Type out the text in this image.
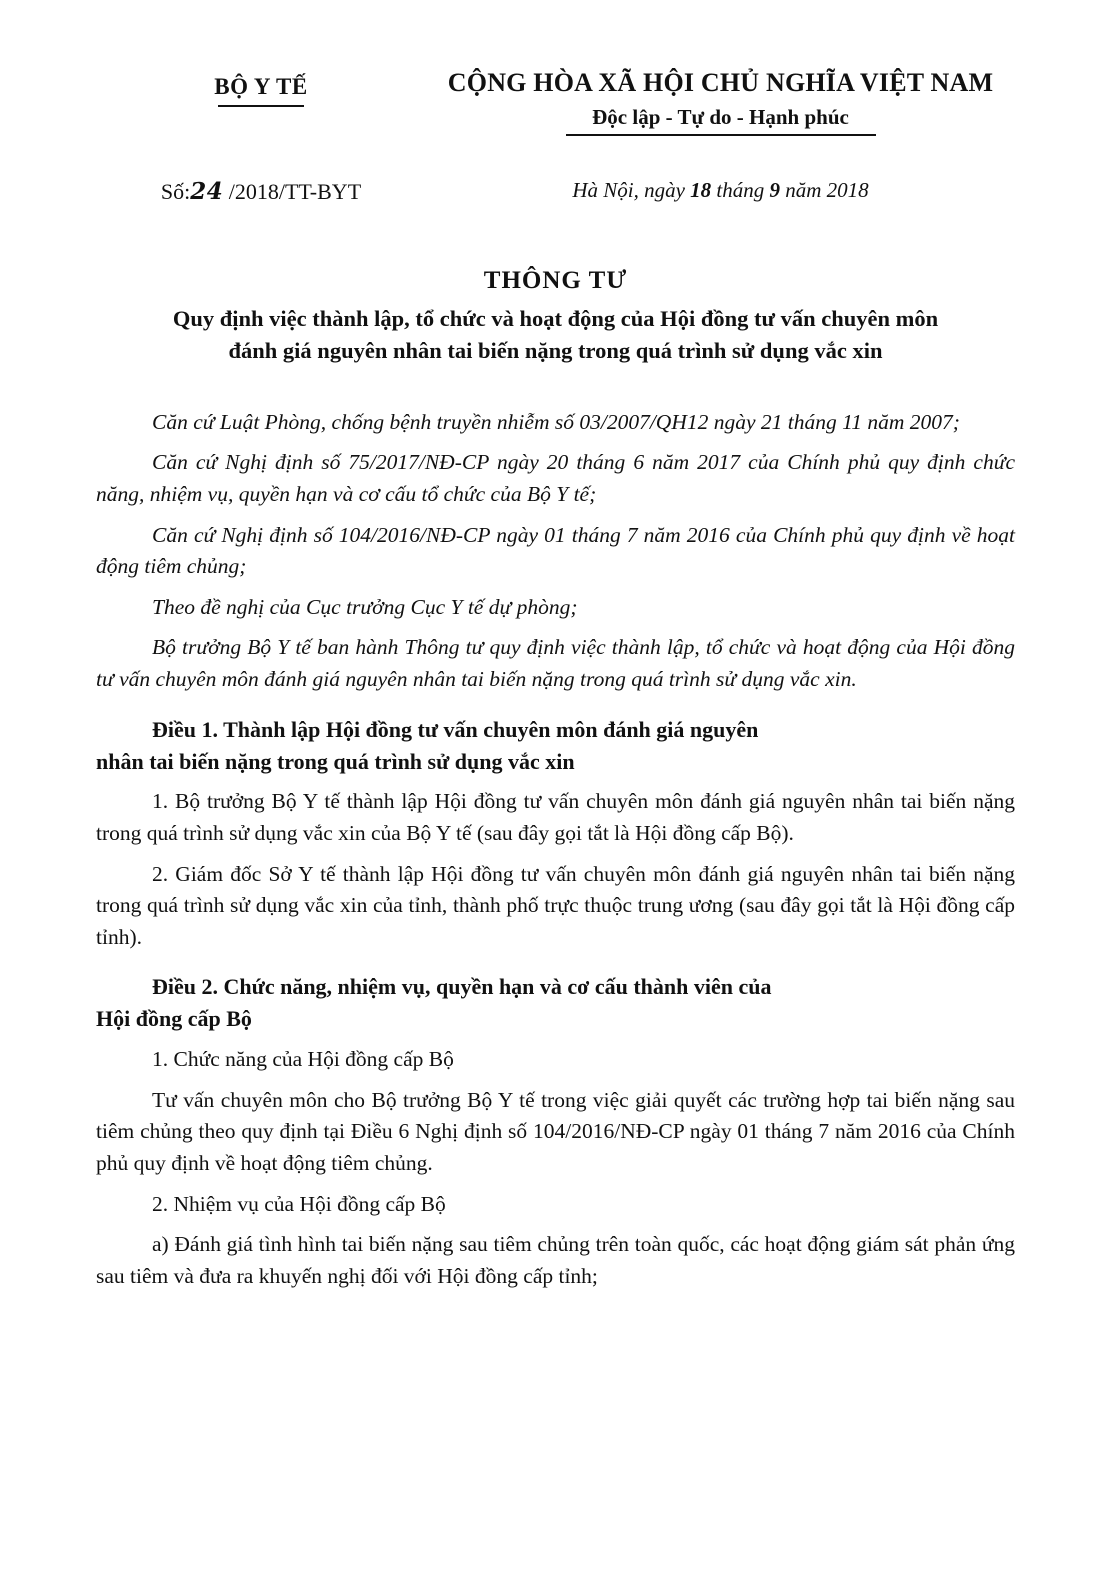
BỘ Y TẾ	CỘNG HÒA XÃ HỘI CHỦ NGHĨA VIỆT NAM
Độc lập - Tự do - Hạnh phúc
Số:24 /2018/TT-BYT	Hà Nội, ngày 18 tháng 9 năm 2018
THÔNG TƯ
Quy định việc thành lập, tổ chức và hoạt động của Hội đồng tư vấn chuyên môn đánh giá nguyên nhân tai biến nặng trong quá trình sử dụng vắc xin

Căn cứ Luật Phòng, chống bệnh truyền nhiễm số 03/2007/QH12 ngày 21 tháng 11 năm 2007;

Căn cứ Nghị định số 75/2017/NĐ-CP ngày 20 tháng 6 năm 2017 của Chính phủ quy định chức năng, nhiệm vụ, quyền hạn và cơ cấu tổ chức của Bộ Y tế;

Căn cứ Nghị định số 104/2016/NĐ-CP ngày 01 tháng 7 năm 2016 của Chính phủ quy định về hoạt động tiêm chủng;

Theo đề nghị của Cục trưởng Cục Y tế dự phòng;

Bộ trưởng Bộ Y tế ban hành Thông tư quy định việc thành lập, tổ chức và hoạt động của Hội đồng tư vấn chuyên môn đánh giá nguyên nhân tai biến nặng trong quá trình sử dụng vắc xin.

Điều 1. Thành lập Hội đồng tư vấn chuyên môn đánh giá nguyên
nhân tai biến nặng trong quá trình sử dụng vắc xin

1. Bộ trưởng Bộ Y tế thành lập Hội đồng tư vấn chuyên môn đánh giá nguyên nhân tai biến nặng trong quá trình sử dụng vắc xin của Bộ Y tế (sau đây gọi tắt là Hội đồng cấp Bộ).

2. Giám đốc Sở Y tế thành lập Hội đồng tư vấn chuyên môn đánh giá nguyên nhân tai biến nặng trong quá trình sử dụng vắc xin của tỉnh, thành phố trực thuộc trung ương (sau đây gọi tắt là Hội đồng cấp tỉnh).

Điều 2. Chức năng, nhiệm vụ, quyền hạn và cơ cấu thành viên của
Hội đồng cấp Bộ

1. Chức năng của Hội đồng cấp Bộ

Tư vấn chuyên môn cho Bộ trưởng Bộ Y tế trong việc giải quyết các trường hợp tai biến nặng sau tiêm chủng theo quy định tại Điều 6 Nghị định số 104/2016/NĐ-CP ngày 01 tháng 7 năm 2016 của Chính phủ quy định về hoạt động tiêm chủng.

2. Nhiệm vụ của Hội đồng cấp Bộ

a) Đánh giá tình hình tai biến nặng sau tiêm chủng trên toàn quốc, các hoạt động giám sát phản ứng sau tiêm và đưa ra khuyến nghị đối với Hội đồng cấp tỉnh;
